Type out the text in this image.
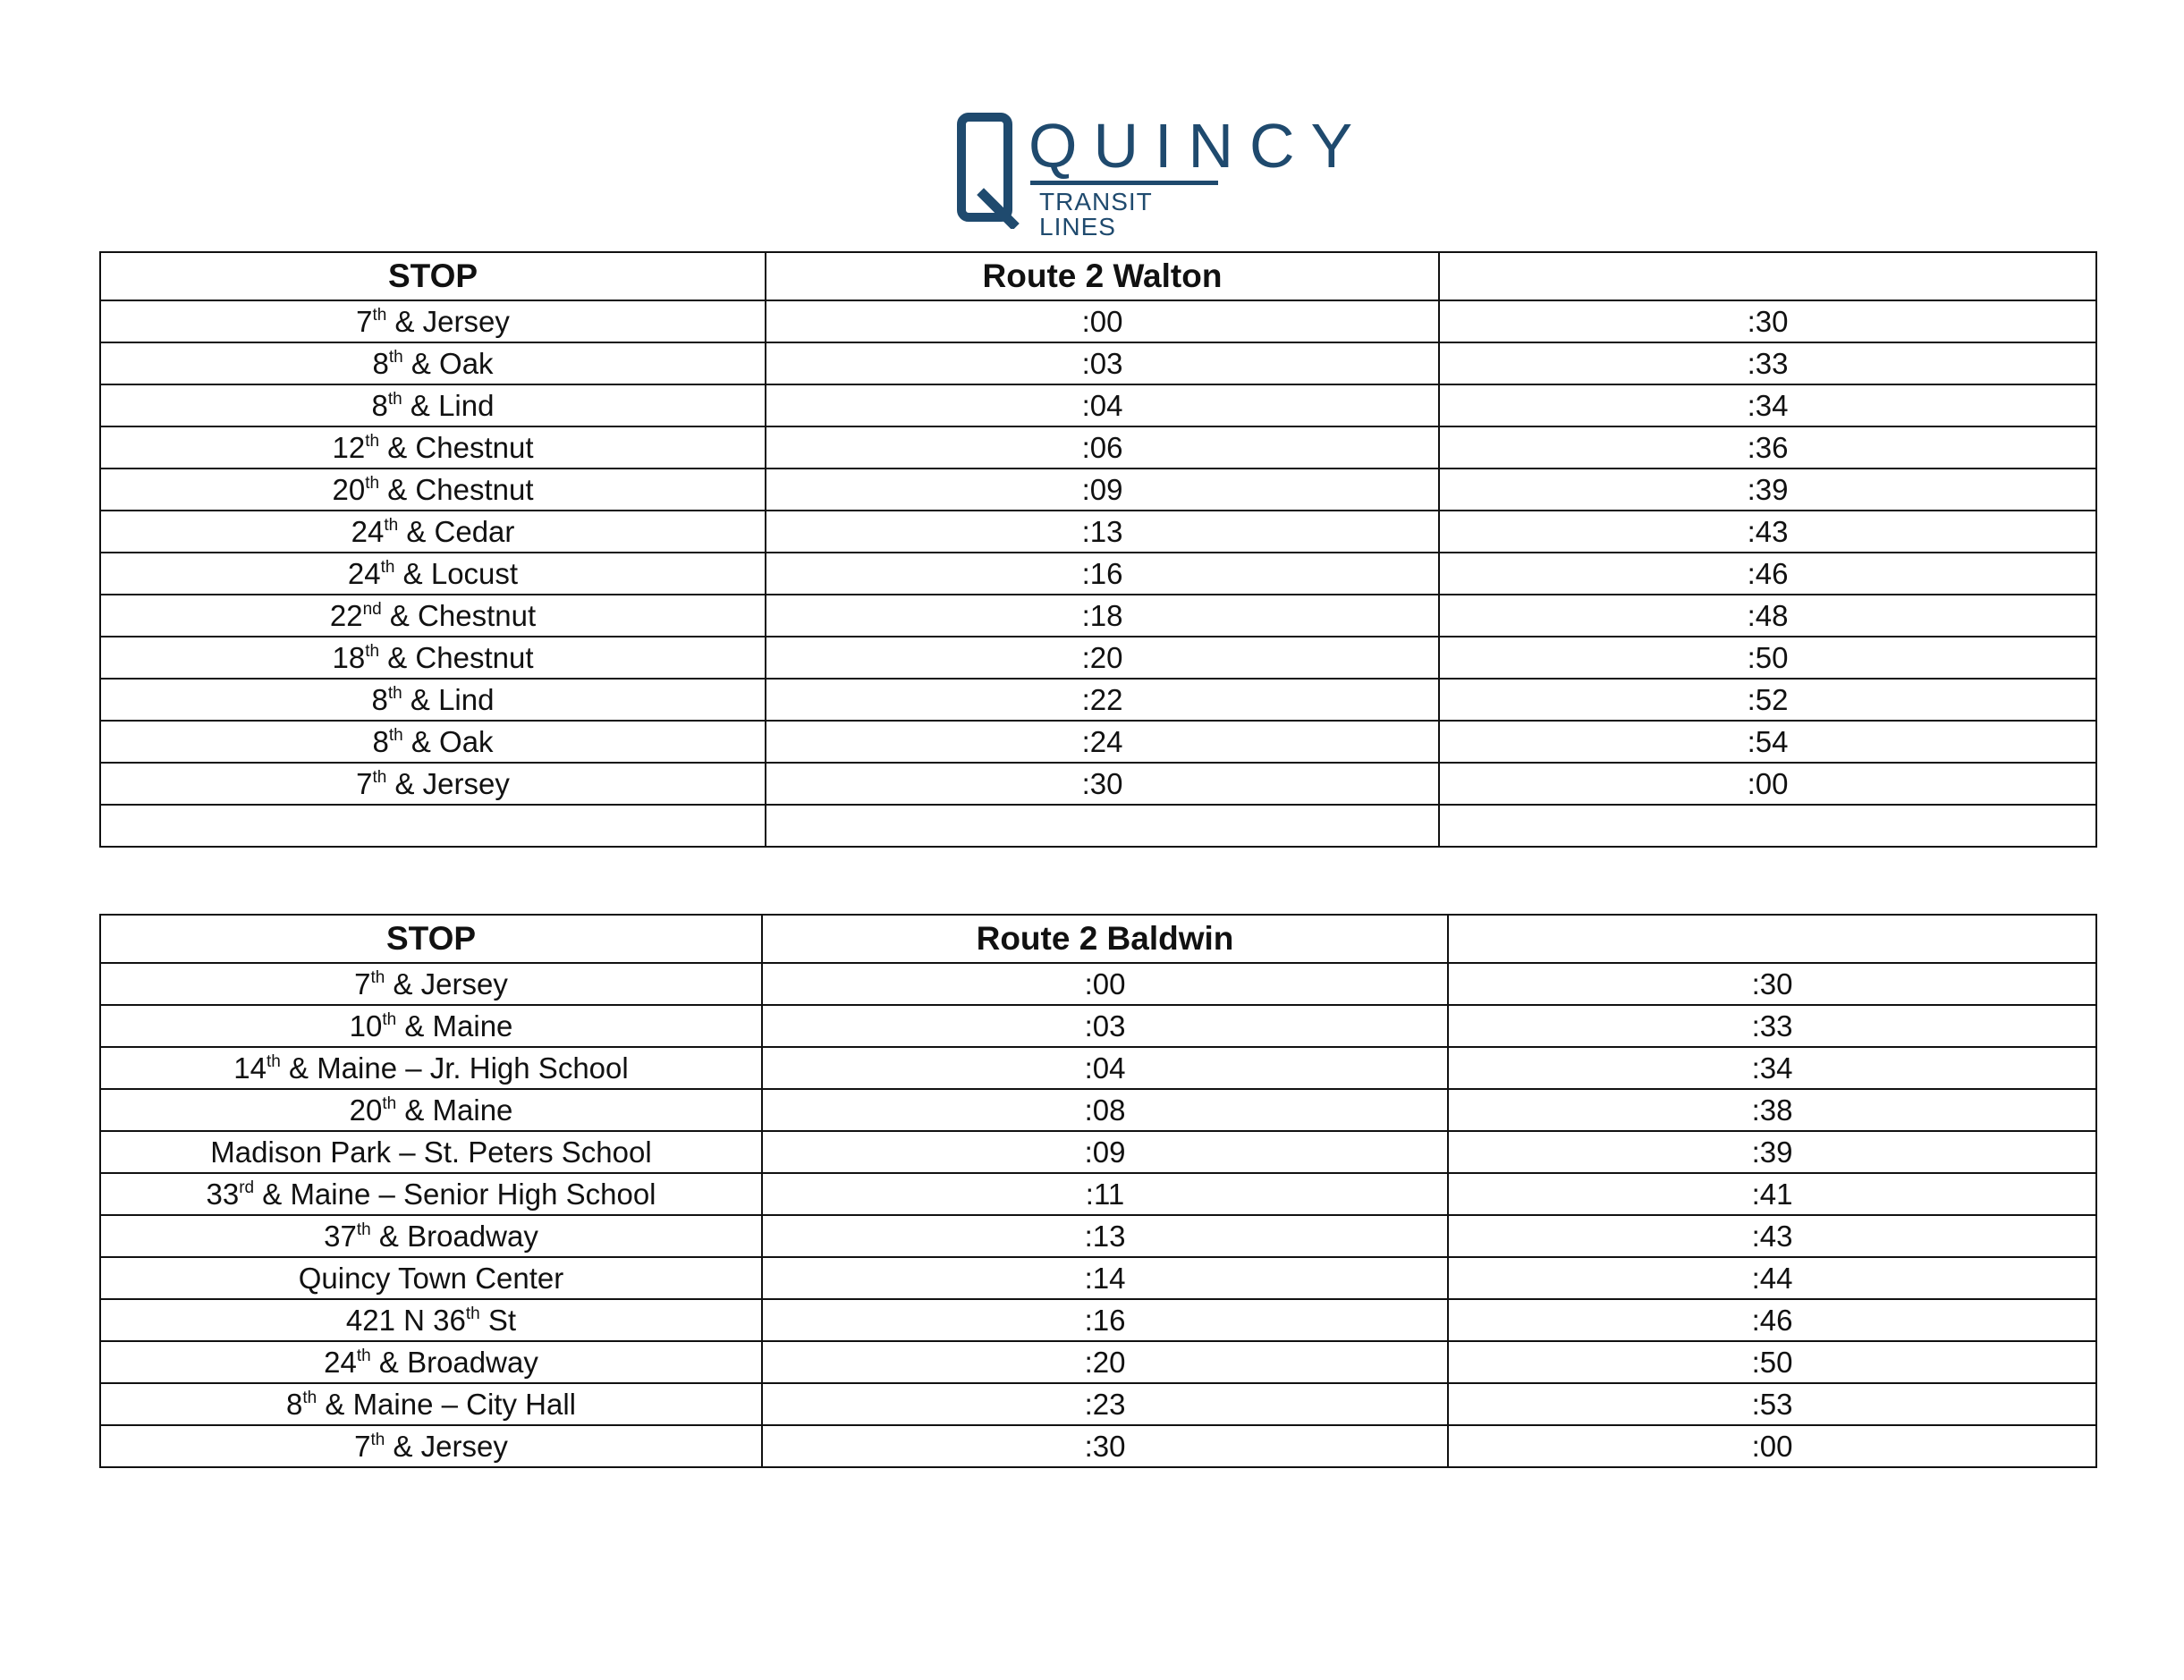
QUINCY
TRANSIT LINES
STOP	Route 2 Walton	
7th & Jersey	:00	:30
8th & Oak	:03	:33
8th & Lind	:04	:34
12th & Chestnut	:06	:36
20th & Chestnut	:09	:39
24th & Cedar	:13	:43
24th & Locust	:16	:46
22nd & Chestnut	:18	:48
18th & Chestnut	:20	:50
8th & Lind	:22	:52
8th & Oak	:24	:54
7th & Jersey	:30	:00

STOP	Route 2 Baldwin	
7th & Jersey	:00	:30
10th & Maine	:03	:33
14th & Maine – Jr. High School	:04	:34
20th & Maine	:08	:38
Madison Park – St. Peters School	:09	:39
33rd & Maine – Senior High School	:11	:41
37th & Broadway	:13	:43
Quincy Town Center	:14	:44
421 N 36th St	:16	:46
24th & Broadway	:20	:50
8th & Maine – City Hall	:23	:53
7th & Jersey	:30	:00
